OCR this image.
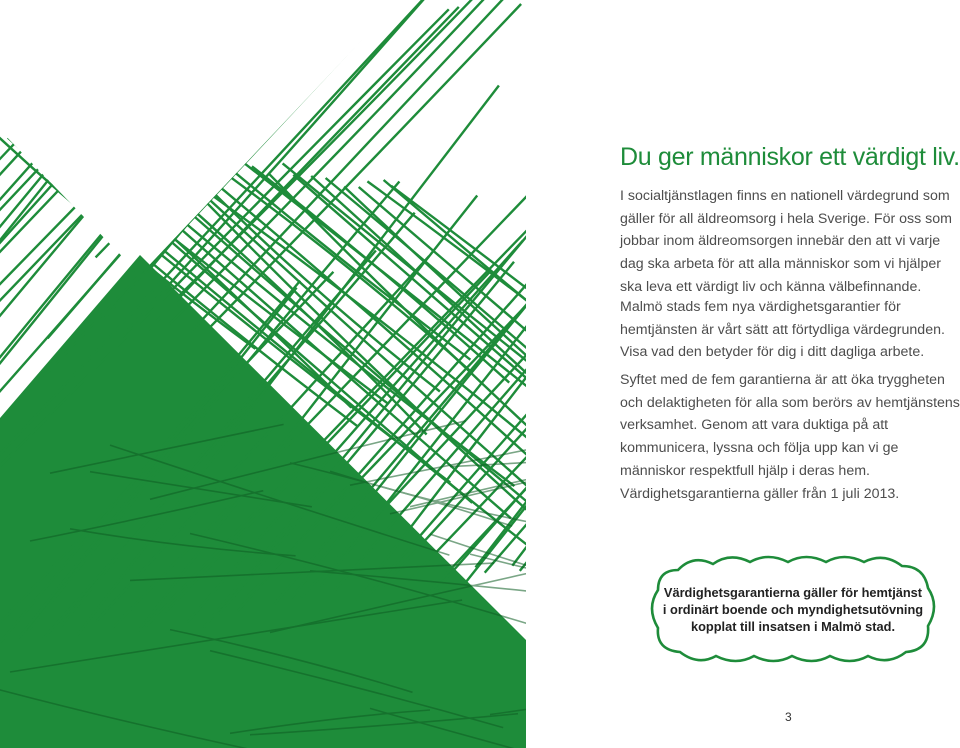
Du ger människor ett värdigt liv.

I socialtjänstlagen finns en nationell värdegrund som gäller för all äldreomsorg i hela Sverige. För oss som jobbar inom äldreomsorgen innebär den att vi varje dag ska arbeta för att alla människor som vi hjälper ska leva ett värdigt liv och känna välbefinnande.

Malmö stads fem nya värdighetsgarantier för hemtjänsten är vårt sätt att förtydliga värdegrunden. Visa vad den betyder för dig i ditt dagliga arbete.

Syftet med de fem garantierna är att öka tryggheten och delaktigheten för alla som berörs av hemtjänstens verksamhet. Genom att vara duktiga på att kommunicera, lyssna och följa upp kan vi ge människor respektfull hjälp i deras hem.

Värdighetsgarantierna gäller från 1 juli 2013.

Värdighetsgarantierna gäller för hemtjänst i ordinärt boende och myndighetsutövning kopplat till insatsen i Malmö stad.
3
